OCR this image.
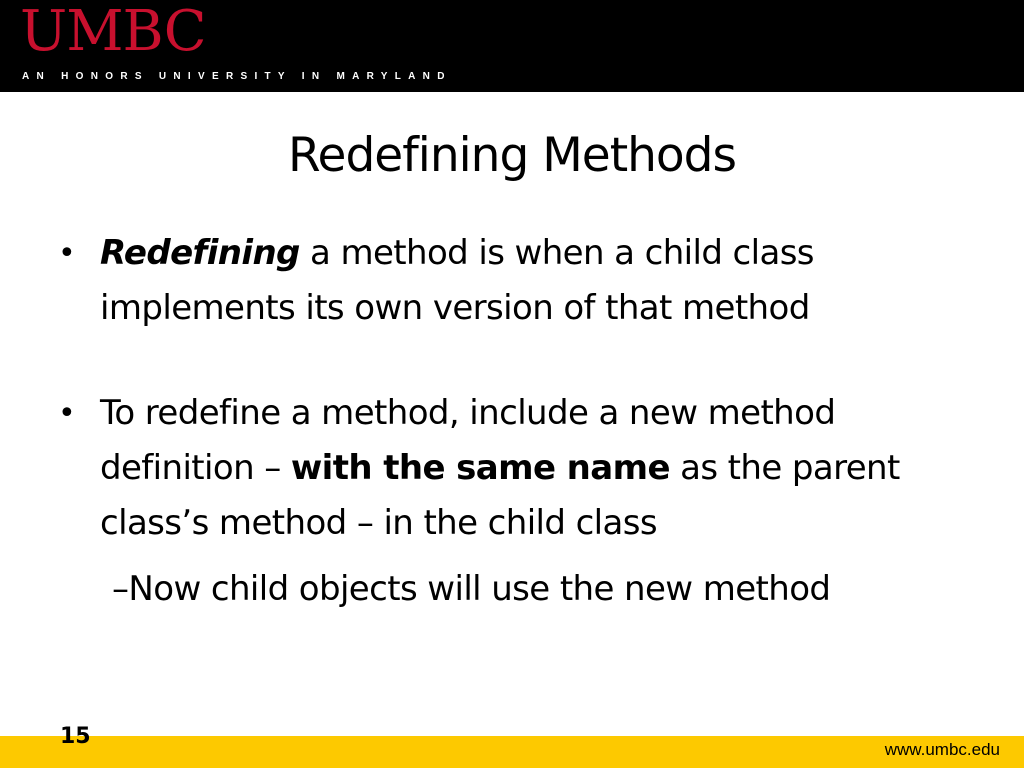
UMBC

AN HONORS UNIVERSITY IN MARYLAND

Redefining Methods

• Redefining a method is when a child class implements its own version of that method

• To redefine a method, include a new method definition – with the same name as the parent class’s method – in the child class

–Now child objects will use the new method

15

www.umbc.edu
